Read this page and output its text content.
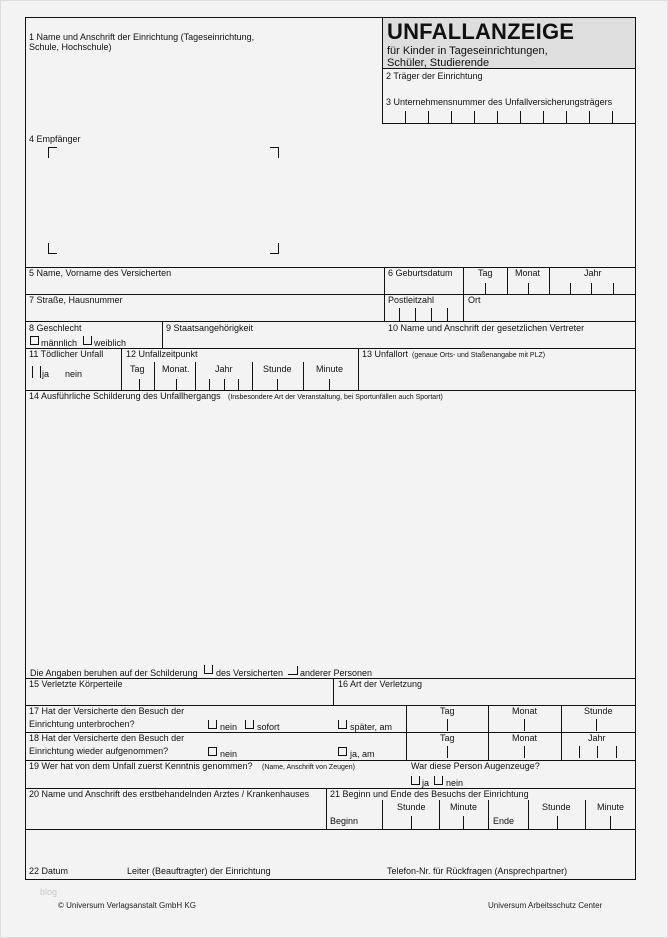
UNFALLANZEIGE
für Kinder in Tageseinrichtungen,
Schüler, Studierende
1 Name und Anschrift der Einrichtung (Tageseinrichtung,
Schule, Hochschule)
2 Träger der Einrichtung
3 Unternehmensnummer des Unfallversicherungsträgers
4 Empfänger
5 Name, Vorname des Versicherten	6 Geburtsdatum	Tag Monat	Jahr
7 Straße, Hausnummer	Postleitzahl	Ort
8 Geschlecht
männlich weiblich
9 Staatsangehörigkeit	10 Name und Anschrift der gesetzlichen Vertreter
11 Tödlicher Unfall
ja nein
12 Unfallzeitpunkt
Tag Monat.	Jahr	Stunde	Minute
13 Unfallort (genaue Orts- und Staßenangabe mit PLZ)
14 Ausführliche Schilderung des Unfallhergangs (Insbesondere Art der Veranstaltung, bei Sportunfällen auch Sportart)
Die Angaben beruhen auf der Schilderung des Versicherten anderer Personen
15 Verletzte Körperteile	16 Art der Verletzung
17 Hat der Versicherte den Besuch der
Einrichtung unterbrochen?	nein sofort	später, am
Tag	Monat	Stunde
18 Hat der Versicherte den Besuch der
Einrichtung wieder aufgenommen?	nein	ja, am
Tag	Monat	Jahr
19 Wer hat von dem Unfall zuerst Kenntnis genommen? (Name, Anschrift von Zeugen)	War diese Person Augenzeuge?
ja nein
20 Name und Anschrift des erstbehandelnden Arztes / Krankenhauses 21 Beginn und Ende des Besuchs der Einrichtung
Beginn
Stunde	Minute
Ende
Stunde	Minute
22 Datum	Leiter (Beauftragter) der Einrichtung	Telefon-Nr. für Rückfragen (Ansprechpartner)
blog
© Universum Verlagsanstalt GmbH KG	Universum Arbeitsschutz Center
